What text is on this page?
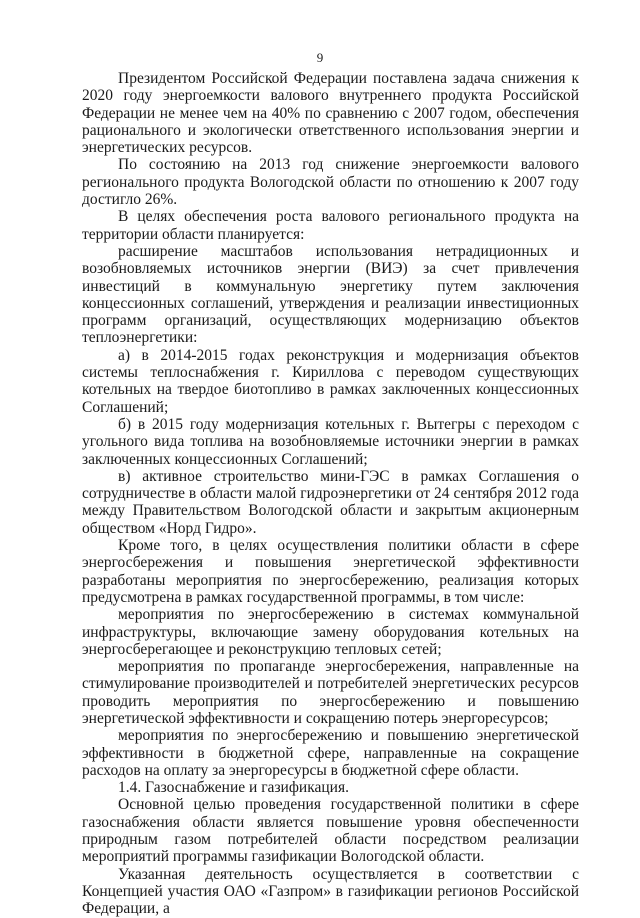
9

Президентом Российской Федерации поставлена задача снижения к 2020 году энергоемкости валового внутреннего продукта Российской Федерации не менее чем на 40% по сравнению с 2007 годом, обеспечения рационального и экологически ответственного использования энергии и энергетических ресурсов.

По состоянию на 2013 год снижение энергоемкости валового регионального продукта Вологодской области по отношению к 2007 году достигло 26%.

В целях обеспечения роста валового регионального продукта на территории области планируется:

расширение масштабов использования нетрадиционных и возобновляемых источников энергии (ВИЭ) за счет привлечения инвестиций в коммунальную энергетику путем заключения концессионных соглашений, утверждения и реализации инвестиционных программ организаций, осуществляющих модернизацию объектов теплоэнергетики:

а) в 2014-2015 годах реконструкция и модернизация объектов системы теплоснабжения г. Кириллова с переводом существующих котельных на твердое биотопливо в рамках заключенных концессионных Соглашений;

б) в 2015 году модернизация котельных г. Вытегры с переходом с угольного вида топлива на возобновляемые источники энергии в рамках заключенных концессионных Соглашений;

в) активное строительство мини-ГЭС в рамках Соглашения о сотрудничестве в области малой гидроэнергетики от 24 сентября 2012 года между Правительством Вологодской области и закрытым акционерным обществом «Норд Гидро».

Кроме того, в целях осуществления политики области в сфере энергосбережения и повышения энергетической эффективности разработаны мероприятия по энергосбережению, реализация которых предусмотрена в рамках государственной программы, в том числе:

мероприятия по энергосбережению в системах коммунальной инфраструктуры, включающие замену оборудования котельных на энергосберегающее и реконструкцию тепловых сетей;

мероприятия по пропаганде энергосбережения, направленные на стимулирование производителей и потребителей энергетических ресурсов проводить мероприятия по энергосбережению и повышению энергетической эффективности и сокращению потерь энергоресурсов;

мероприятия по энергосбережению и повышению энергетической эффективности в бюджетной сфере, направленные на сокращение расходов на оплату за энергоресурсы в бюджетной сфере области.

1.4. Газоснабжение и газификация.

Основной целью проведения государственной политики в сфере газоснабжения области является повышение уровня обеспеченности природным газом потребителей области посредством реализации мероприятий программы газификации Вологодской области.

Указанная деятельность осуществляется в соответствии с Концепцией участия ОАО «Газпром» в газификации регионов Российской Федерации, а
